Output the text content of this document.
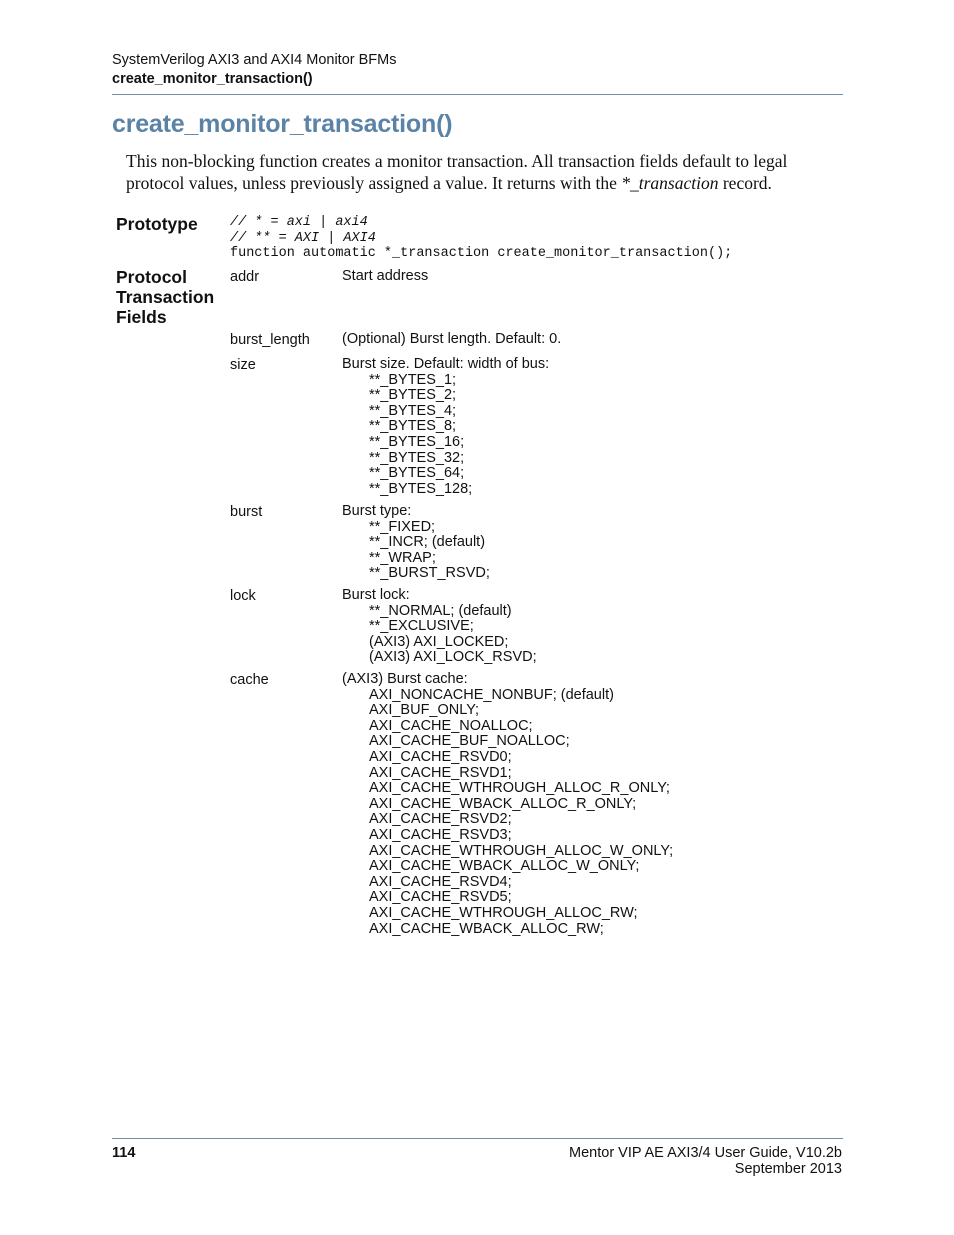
SystemVerilog AXI3 and AXI4 Monitor BFMs
create_monitor_transaction()
create_monitor_transaction()
This non-blocking function creates a monitor transaction. All transaction fields default to legal protocol values, unless previously assigned a value. It returns with the *_transaction record.
Prototype // * = axi | axi4
// ** = AXI | AXI4
function automatic *_transaction create_monitor_transaction();
Protocol
Transaction
Fields
addr	Start address
burst_length (Optional) Burst length. Default: 0.
size	Burst size. Default: width of bus:
**_BYTES_1;
**_BYTES_2;
**_BYTES_4;
**_BYTES_8;
**_BYTES_16;
**_BYTES_32;
**_BYTES_64;
**_BYTES_128;
burst	Burst type:
**_FIXED;
**_INCR; (default)
**_WRAP;
**_BURST_RSVD;
lock	Burst lock:
**_NORMAL; (default)
**_EXCLUSIVE;
(AXI3) AXI_LOCKED;
(AXI3) AXI_LOCK_RSVD;
cache	(AXI3) Burst cache:
AXI_NONCACHE_NONBUF; (default)
AXI_BUF_ONLY;
AXI_CACHE_NOALLOC;
AXI_CACHE_BUF_NOALLOC;
AXI_CACHE_RSVD0;
AXI_CACHE_RSVD1;
AXI_CACHE_WTHROUGH_ALLOC_R_ONLY;
AXI_CACHE_WBACK_ALLOC_R_ONLY;
AXI_CACHE_RSVD2;
AXI_CACHE_RSVD3;
AXI_CACHE_WTHROUGH_ALLOC_W_ONLY;
AXI_CACHE_WBACK_ALLOC_W_ONLY;
AXI_CACHE_RSVD4;
AXI_CACHE_RSVD5;
AXI_CACHE_WTHROUGH_ALLOC_RW;
AXI_CACHE_WBACK_ALLOC_RW;
114	Mentor VIP AE AXI3/4 User Guide, V10.2b
September 2013
